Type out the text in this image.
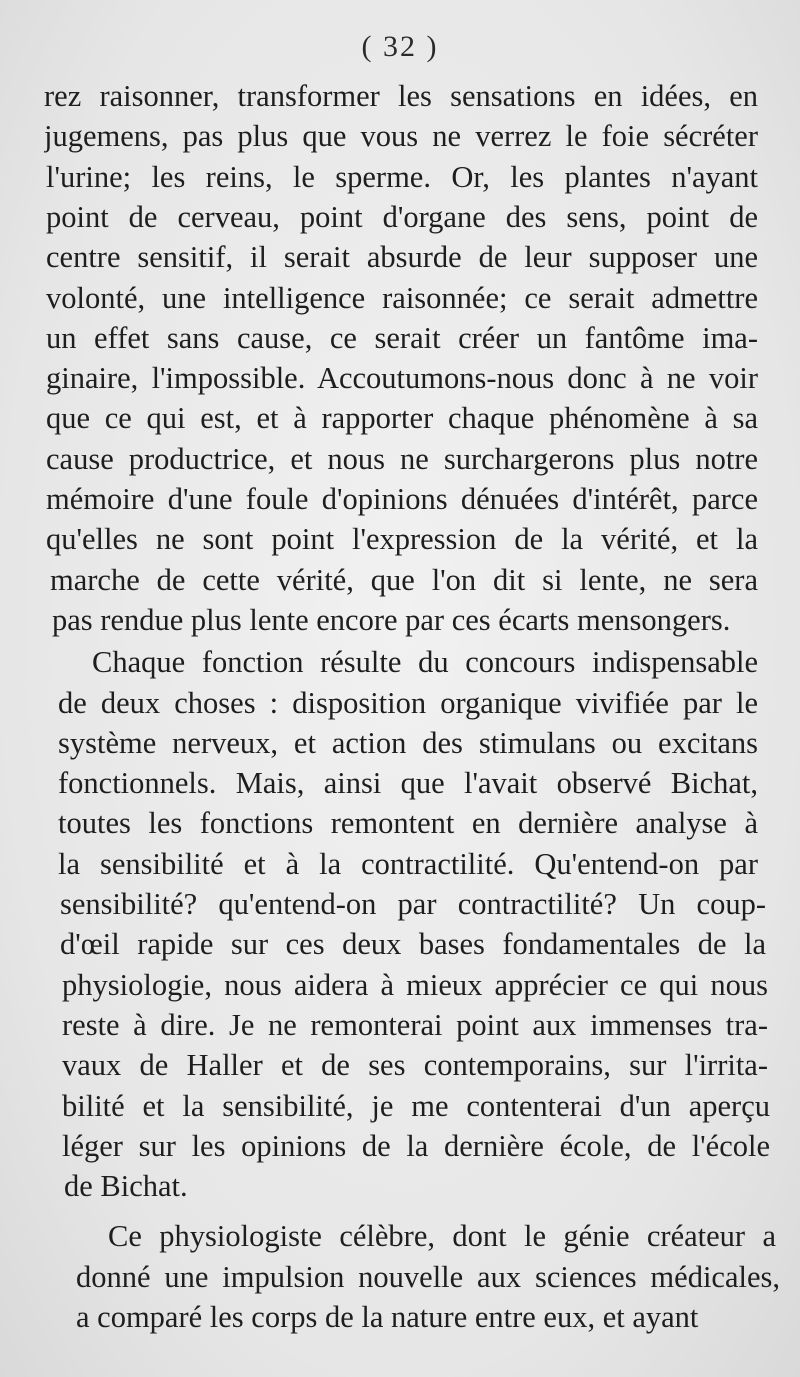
( 32 )
rez raisonner, transformer les sensations en idées, en
jugemens, pas plus que vous ne verrez le foie sécréter
l'urine; les reins, le sperme. Or, les plantes n'ayant
point de cerveau, point d'organe des sens, point de
centre sensitif, il serait absurde de leur supposer une
volonté, une intelligence raisonnée; ce serait admettre
un effet sans cause, ce serait créer un fantôme ima-
ginaire, l'impossible. Accoutumons-nous donc à ne voir
que ce qui est, et à rapporter chaque phénomène à sa
cause productrice, et nous ne surchargerons plus notre
mémoire d'une foule d'opinions dénuées d'intérêt, parce
qu'elles ne sont point l'expression de la vérité, et la
marche de cette vérité, que l'on dit si lente, ne sera
pas rendue plus lente encore par ces écarts mensongers.
Chaque fonction résulte du concours indispensable
de deux choses : disposition organique vivifiée par le
système nerveux, et action des stimulans ou excitans
fonctionnels. Mais, ainsi que l'avait observé Bichat,
toutes les fonctions remontent en dernière analyse à
la sensibilité et à la contractilité. Qu'entend-on par
sensibilité? qu'entend-on par contractilité? Un coup-
d'œil rapide sur ces deux bases fondamentales de la
physiologie, nous aidera à mieux apprécier ce qui nous
reste à dire. Je ne remonterai point aux immenses tra-
vaux de Haller et de ses contemporains, sur l'irrita-
bilité et la sensibilité, je me contenterai d'un aperçu
léger sur les opinions de la dernière école, de l'école
de Bichat.
Ce physiologiste célèbre, dont le génie créateur a
donné une impulsion nouvelle aux sciences médicales,
a comparé les corps de la nature entre eux, et ayant
